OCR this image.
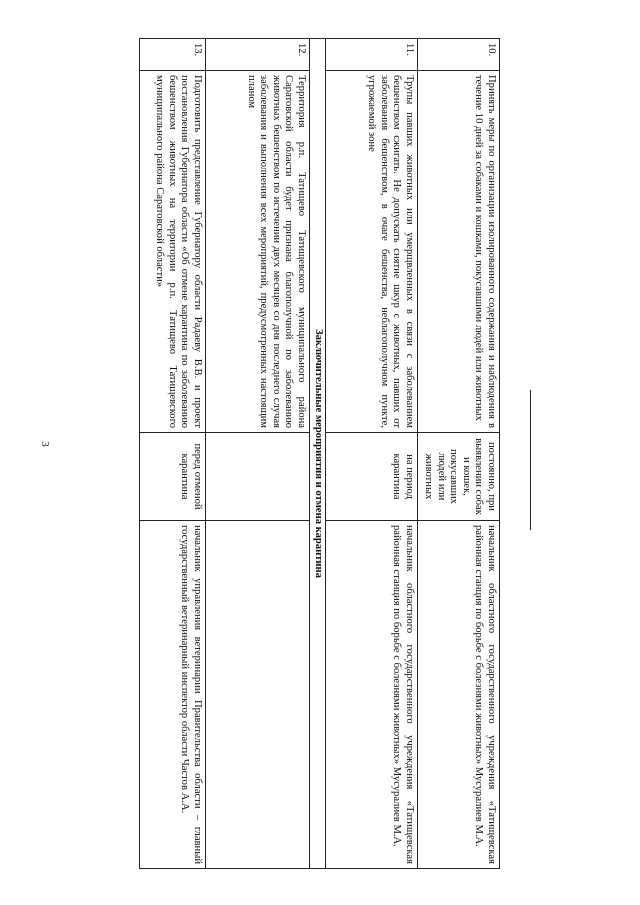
3
10.	Принять меры по организации изолированного содержания и наблюдения в течение 10 дней за собаками и кошками, покусавшими людей или животных	постоянно, при выявлении собак и кошек, покусавших людей или животных	начальник областного государственного учреждения «Татищевская районная станция по борьбе с болезнями животных» Мусуралиев М.А.
11.	Трупы павших животных или умерщвленных в связи с заболеванием бешенством сжигать. Не допускать снятие шкур с животных, павших от заболевания бешенством, в очаге бешенства, неблагополучном пункте, угрожаемой зоне	на период карантина	начальник областного государственного учреждения «Татищевская районная станция по борьбе с болезнями животных» Мусуралиев М.А.
Заключительные мероприятия и отмена карантина			
12.	Территория р.п. Татищево Татищевского муниципального района Саратовской области будет признана благополучной по заболеванию животных бешенством по истечении двух месяцев со дня последнего случая заболевания и выполнения всех мероприятий, предусмотренных настоящим планом		
13.	Подготовить представление Губернатору области Радаеву В.В. и проект постановления Губернатора области «Об отмене карантина по заболеванию бешенством животных на территории р.п. Татищево Татищевского муниципального района Саратовской области»	перед отменой карантина	начальник управления ветеринарии Правительства области – главный государственный ветеринарный инспектор области Частов А.А.
